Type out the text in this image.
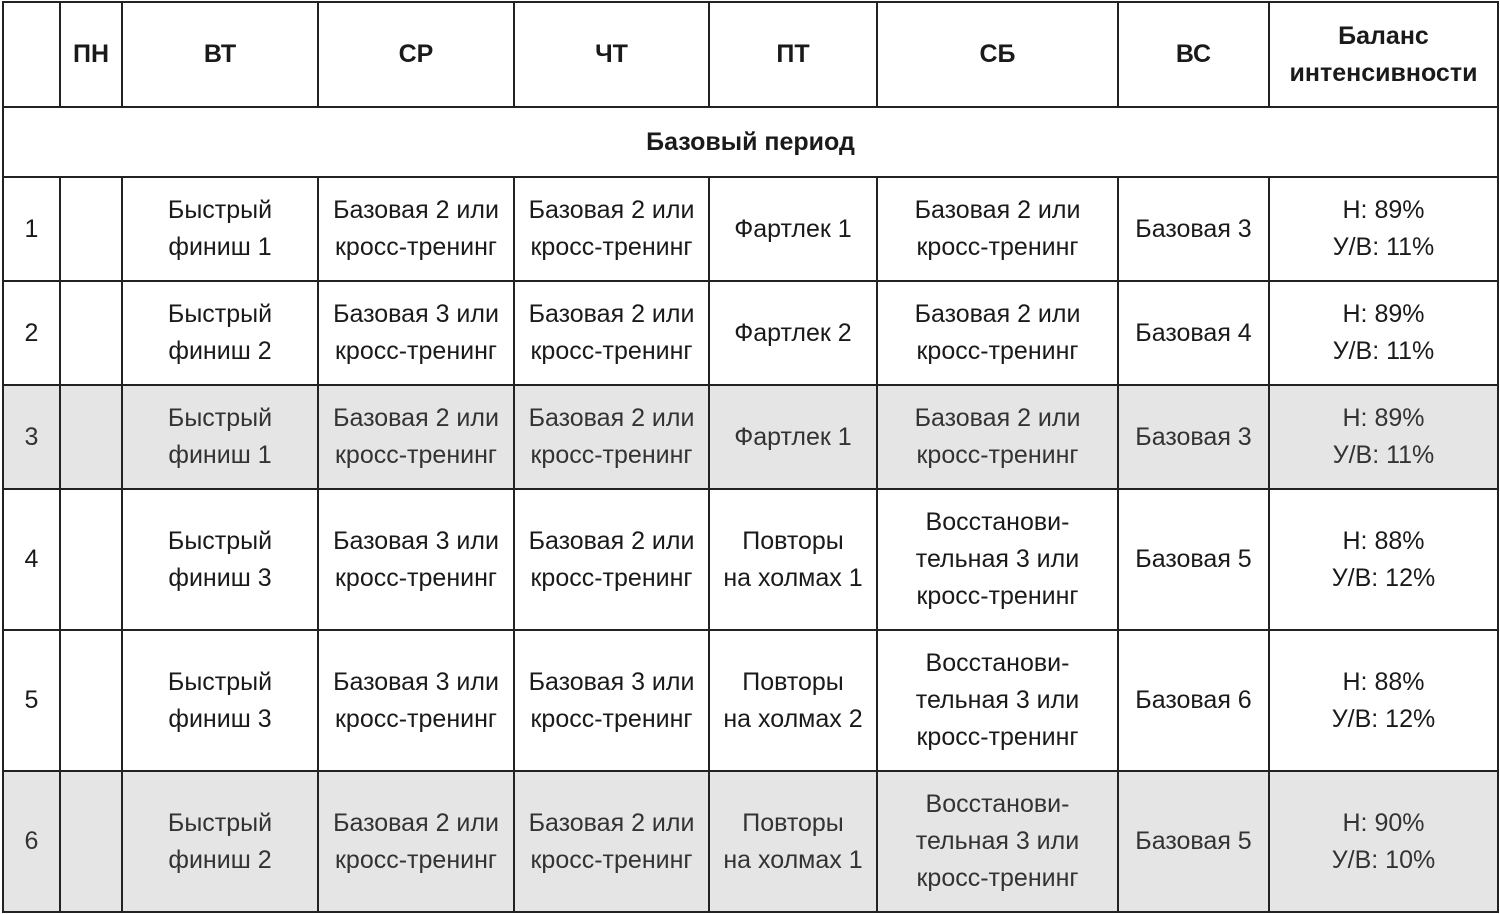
	ПН	ВТ	СР	ЧТ	ПТ	СБ	ВС	Баланс
интенсивности

Базовый период								
1		Быстрый
финиш 1	Базовая 2 или
кросс-тренинг	Базовая 2 или
кросс-тренинг	Фартлек 1	Базовая 2 или
кросс-тренинг	Базовая 3	Н: 89%
У/В: 11%

2		Быстрый
финиш 2	Базовая 3 или
кросс-тренинг	Базовая 2 или
кросс-тренинг	Фартлек 2	Базовая 2 или
кросс-тренинг	Базовая 4	Н: 89%
У/В: 11%

3		Быстрый
финиш 1	Базовая 2 или
кросс-тренинг	Базовая 2 или
кросс-тренинг	Фартлек 1	Базовая 2 или
кросс-тренинг	Базовая 3	Н: 89%
У/В: 11%

4		Быстрый
финиш 3	Базовая 3 или
кросс-тренинг	Базовая 2 или
кросс-тренинг	Повторы
на холмах 1	Восстанови-
тельная 3 или
кросс-тренинг	Базовая 5	Н: 88%
У/В: 12%

5		Быстрый
финиш 3	Базовая 3 или
кросс-тренинг	Базовая 3 или
кросс-тренинг	Повторы
на холмах 2	Восстанови-
тельная 3 или
кросс-тренинг	Базовая 6	Н: 88%
У/В: 12%

6		Быстрый
финиш 2	Базовая 2 или
кросс-тренинг	Базовая 2 или
кросс-тренинг	Повторы
на холмах 1	Восстанови-
тельная 3 или
кросс-тренинг	Базовая 5	Н: 90%
У/В: 10%
